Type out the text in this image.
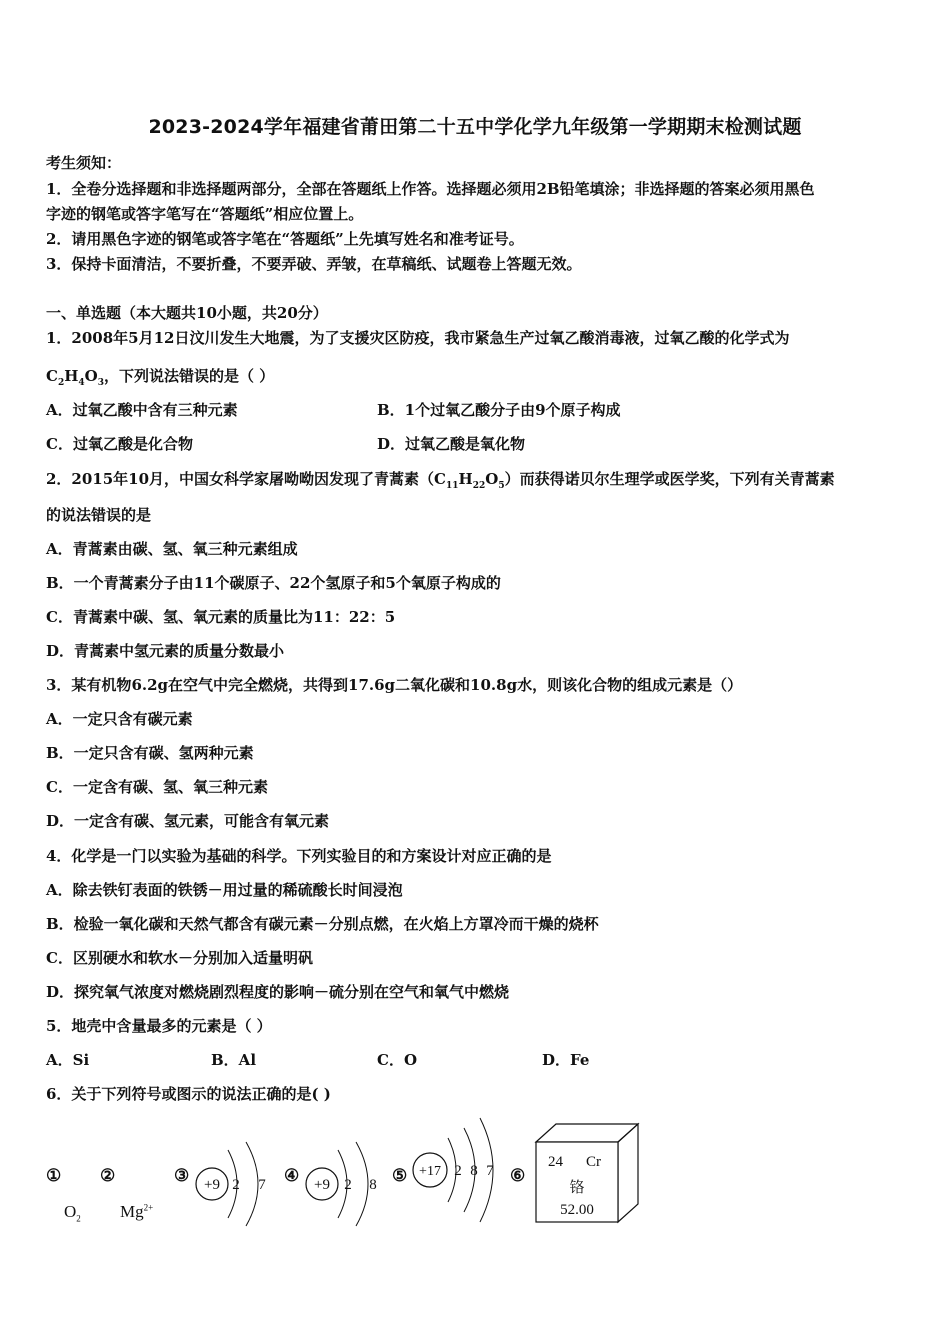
2023-2024学年福建省莆田第二十五中学化学九年级第一学期期末检测试题
考生须知：
1．全卷分选择题和非选择题两部分，全部在答题纸上作答。选择题必须用2B铅笔填涂；非选择题的答案必须用黑色
字迹的钢笔或答字笔写在“答题纸”相应位置上。
2．请用黑色字迹的钢笔或答字笔在“答题纸”上先填写姓名和准考证号。
3．保持卡面清洁，不要折叠，不要弄破、弄皱，在草稿纸、试题卷上答题无效。
一、单选题（本大题共10小题，共20分）
1．2008年5月12日汶川发生大地震，为了支援灾区防疫，我市紧急生产过氧乙酸消毒液，过氧乙酸的化学式为
$C_2H_4O_3$，下列说法错误的是（ ）
A．过氧乙酸中含有三种元素	B．1个过氧乙酸分子由9个原子构成
C．过氧乙酸是化合物	D．过氧乙酸是氧化物
2．2015年10月，中国女科学家屠呦呦因发现了青蒿素$(C_{11}H_{22}O_5)$而获得诺贝尔生理学或医学奖，下列有关青蒿素
的说法错误的是
A．青蒿素由碳、氢、氧三种元素组成
B．一个青蒿素分子由11个碳原子、22个氢原子和5个氧原子构成的
C．青蒿素中碳、氢、氧元素的质量比为11：22：5
D．青蒿素中氢元素的质量分数最小
3．某有机物6.2g在空气中完全燃烧，共得到17.6g二氧化碳和10.8g水，则该化合物的组成元素是（）
A．一定只含有碳元素
B．一定只含有碳、氢两种元素
C．一定含有碳、氢、氧三种元素
D．一定含有碳、氢元素，可能含有氧元素
4．化学是一门以实验为基础的科学。下列实验目的和方案设计对应正确的是
A．除去铁钉表面的铁锈－用过量的稀硫酸长时间浸泡
B．检验一氧化碳和天然气都含有碳元素－分别点燃，在火焰上方罩冷而干燥的烧杯
C．区别硬水和软水－分别加入适量明矾
D．探究氧气浓度对燃烧剧烈程度的影响－硫分别在空气和氧气中燃烧
5．地壳中含量最多的元素是（ ）
A．Si	B．Al	C．O	D．Fe
6．关于下列符号或图示的说法正确的是( )
① ②	③	④	⑤	⑥
$O_2$ $Mg^{2+}$
+9 2 7	+9 2 8
+17 2 8 7
24 Cr
铬
52.00
